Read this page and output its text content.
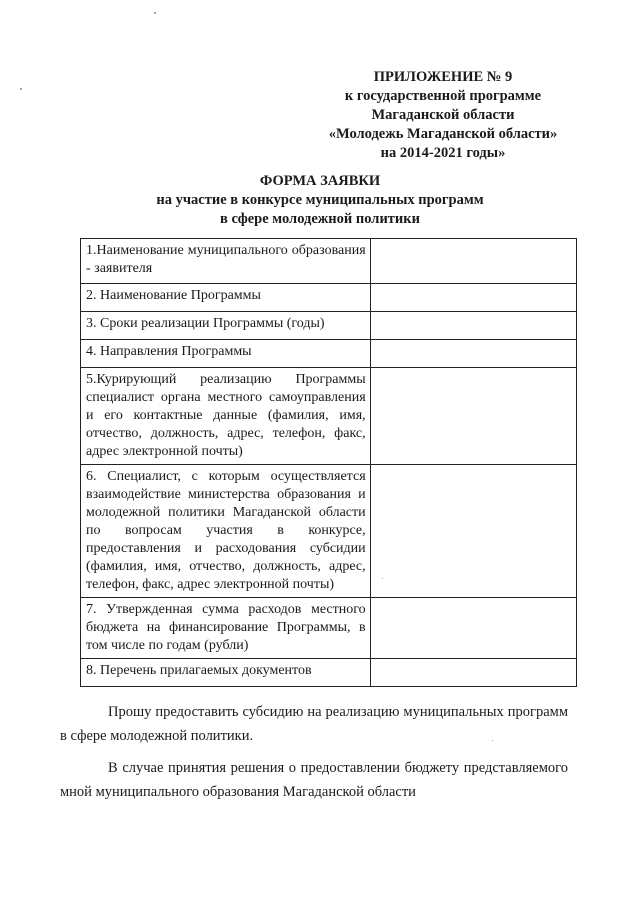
ПРИЛОЖЕНИЕ № 9
к государственной программе
Магаданской области
«Молодежь Магаданской области»
на 2014-2021 годы»
ФОРМА ЗАЯВКИ
на участие в конкурсе муниципальных программ
в сфере молодежной политики
1.Наименование муниципального образования - заявителя	
2. Наименование Программы	
3. Сроки реализации Программы (годы)	
4. Направления Программы	
5.Курирующий реализацию Программы специалист органа местного самоуправления и его контактные данные (фамилия, имя, отчество, должность, адрес, телефон, факс, адрес электронной почты)	
6. Специалист, с которым осуществляется взаимодействие министерства образования и молодежной политики Магаданской области по вопросам участия в конкурсе, предоставления и расходования субсидии (фамилия, имя, отчество, должность, адрес, телефон, факс, адрес электронной почты)	
7. Утвержденная сумма расходов местного бюджета на финансирование Программы, в том числе по годам (рубли)	
8. Перечень прилагаемых документов	

Прошу предоставить субсидию на реализацию муниципальных программ в сфере молодежной политики.

В случае принятия решения о предоставлении бюджету представляемого мной муниципального образования Магаданской области
